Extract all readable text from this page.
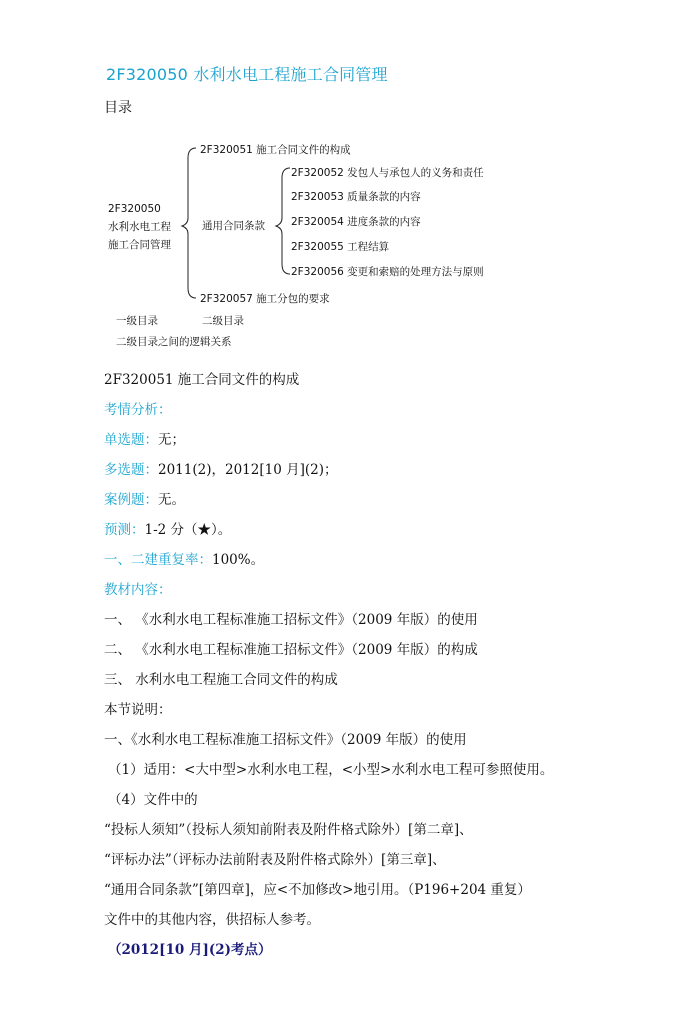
2F320050 水利水电工程施工合同管理
目录
2F320050
水利水电工程
施工合同管理
2F320051 施工合同文件的构成
通用合同条款
2F320057 施工分包的要求
2F320052 发包人与承包人的义务和责任
2F320053 质量条款的内容
2F320054 进度条款的内容
2F320055 工程结算
2F320056 变更和索赔的处理方法与原则
一级目录	二级目录
二级目录之间的逻辑关系
2F320051 施工合同文件的构成
考情分析：
单选题：无；
多选题：2011(2)，2012[10 月](2)；
案例题：无。
预测：1-2 分（★）。
一、二建重复率：100%。
教材内容：
一、 《水利水电工程标准施工招标文件》（2009 年版）的使用
二、 《水利水电工程标准施工招标文件》（2009 年版）的构成
三、 水利水电工程施工合同文件的构成
本节说明：
一、《水利水电工程标准施工招标文件》（2009 年版）的使用
（1）适用：<大中型>水利水电工程，<小型>水利水电工程可参照使用。
（4）文件中的
“投标人须知”（投标人须知前附表及附件格式除外）[第二章]、
“评标办法”（评标办法前附表及附件格式除外）[第三章]、
“通用合同条款”[第四章]，应<不加修改>地引用。（P196+204 重复）
文件中的其他内容，供招标人参考。
（2012[10 月](2)考点）
